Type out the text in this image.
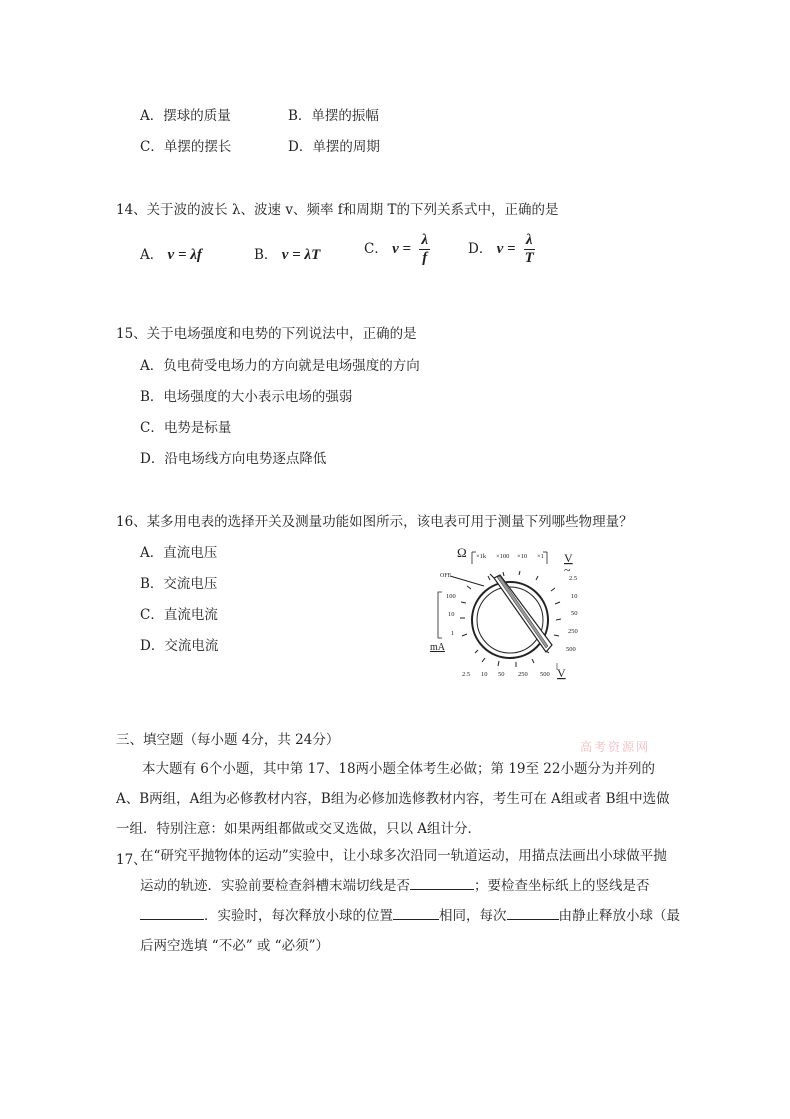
A．摆球的质量	B．单摆的振幅
C．单摆的摆长	D．单摆的周期
14、关于波的波长 λ、波速 v、频率 f和周期 T的下列关系式中，正确的是
A． v = λf	B． v = λT	C． $v = \frac{\lambda}{f}$	D． $v = \frac{\lambda}{T}$
15、关于电场强度和电势的下列说法中，正确的是
A．负电荷受电场力的方向就是电场强度的方向
B．电场强度的大小表示电场的强弱
C．电势是标量
D．沿电场线方向电势逐点降低
16、某多用电表的选择开关及测量功能如图所示，该电表可用于测量下列哪些物理量？
A．直流电压
B．交流电压
C．直流电流
D．交流电流
Ω ×1k ×100 ×10 ×1 V
~
2.5
10
50
250
500
OFF
100
10
1
mA
2.5 10 50 250 500 V
三、填空题（每小题 4分，共 24分）	高考资源网
本大题有 6个小题，其中第 17、18两小题全体考生必做；第 19至 22小题分为并列的A、B两组，A组为必修教材内容，B组为必修加选修教材内容，考生可在 A组或者 B组中选做一组．特别注意：如果两组都做或交叉选做，只以 A组计分．
17、
在“研究平抛物体的运动”实验中，让小球多次沿同一轨道运动，用描点法画出小球做平抛运动的轨迹．实验前要检查斜槽末端切线是否	；要检查坐标纸上的竖线是否．实验时，每次释放小球的位置	相同，每次	由静止释放小球（最后两空选填 “不必” 或 “必须”）
